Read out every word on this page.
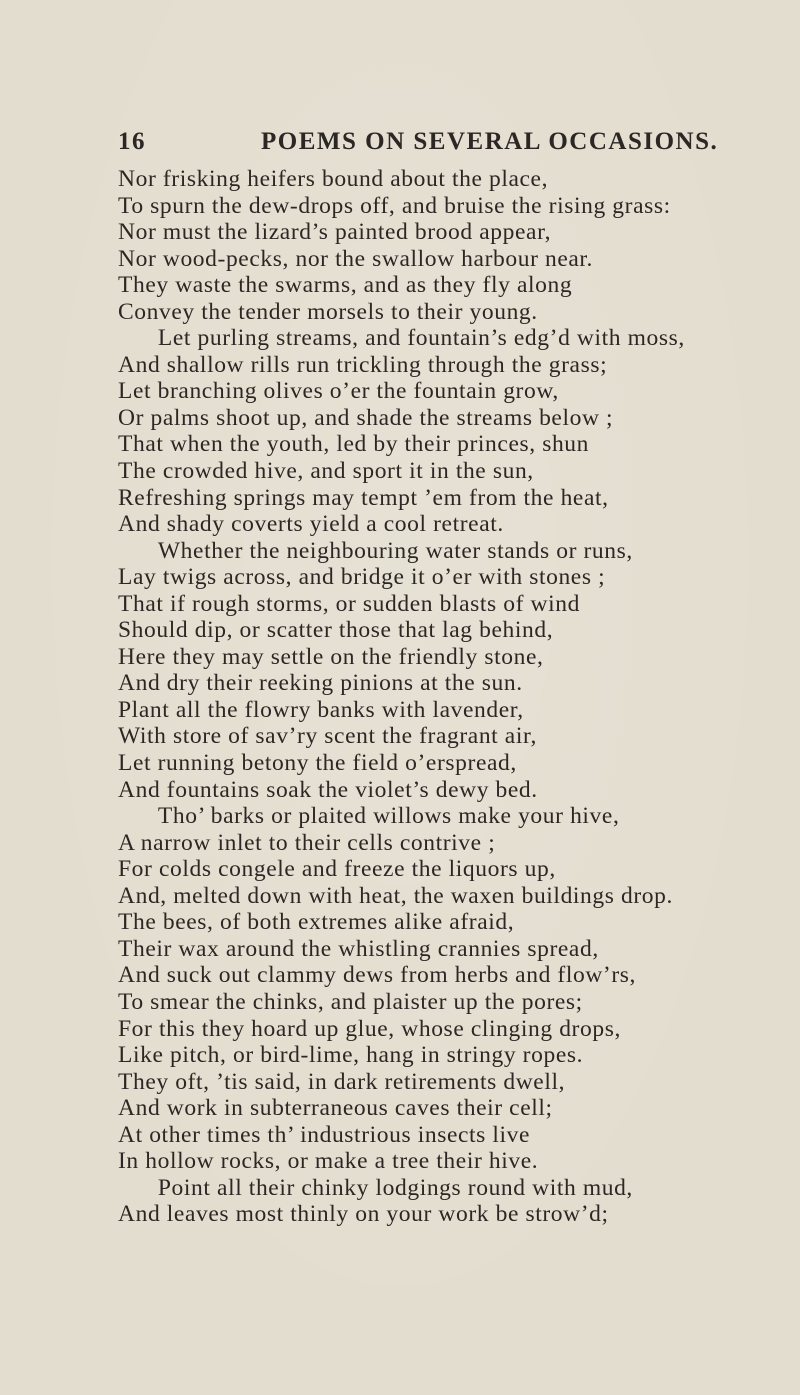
16	POEMS ON SEVERAL OCCASIONS.
Nor frisking heifers bound about the place,
To spurn the dew-drops off, and bruise the rising grass:
Nor must the lizard’s painted brood appear,
Nor wood-pecks, nor the swallow harbour near.
They waste the swarms, and as they fly along
Convey the tender morsels to their young.
Let purling streams, and fountain’s edg’d with moss,
And shallow rills run trickling through the grass;
Let branching olives o’er the fountain grow,
Or palms shoot up, and shade the streams below ;
That when the youth, led by their princes, shun
The crowded hive, and sport it in the sun,
Refreshing springs may tempt ’em from the heat,
And shady coverts yield a cool retreat.
Whether the neighbouring water stands or runs,
Lay twigs across, and bridge it o’er with stones ;
That if rough storms, or sudden blasts of wind
Should dip, or scatter those that lag behind,
Here they may settle on the friendly stone,
And dry their reeking pinions at the sun.
Plant all the flowry banks with lavender,
With store of sav’ry scent the fragrant air,
Let running betony the field o’erspread,
And fountains soak the violet’s dewy bed.
Tho’ barks or plaited willows make your hive,
A narrow inlet to their cells contrive ;
For colds congele and freeze the liquors up,
And, melted down with heat, the waxen buildings drop.
The bees, of both extremes alike afraid,
Their wax around the whistling crannies spread,
And suck out clammy dews from herbs and flow’rs,
To smear the chinks, and plaister up the pores;
For this they hoard up glue, whose clinging drops,
Like pitch, or bird-lime, hang in stringy ropes.
They oft, ’tis said, in dark retirements dwell,
And work in subterraneous caves their cell;
At other times th’ industrious insects live
In hollow rocks, or make a tree their hive.
Point all their chinky lodgings round with mud,
And leaves most thinly on your work be strow’d;
